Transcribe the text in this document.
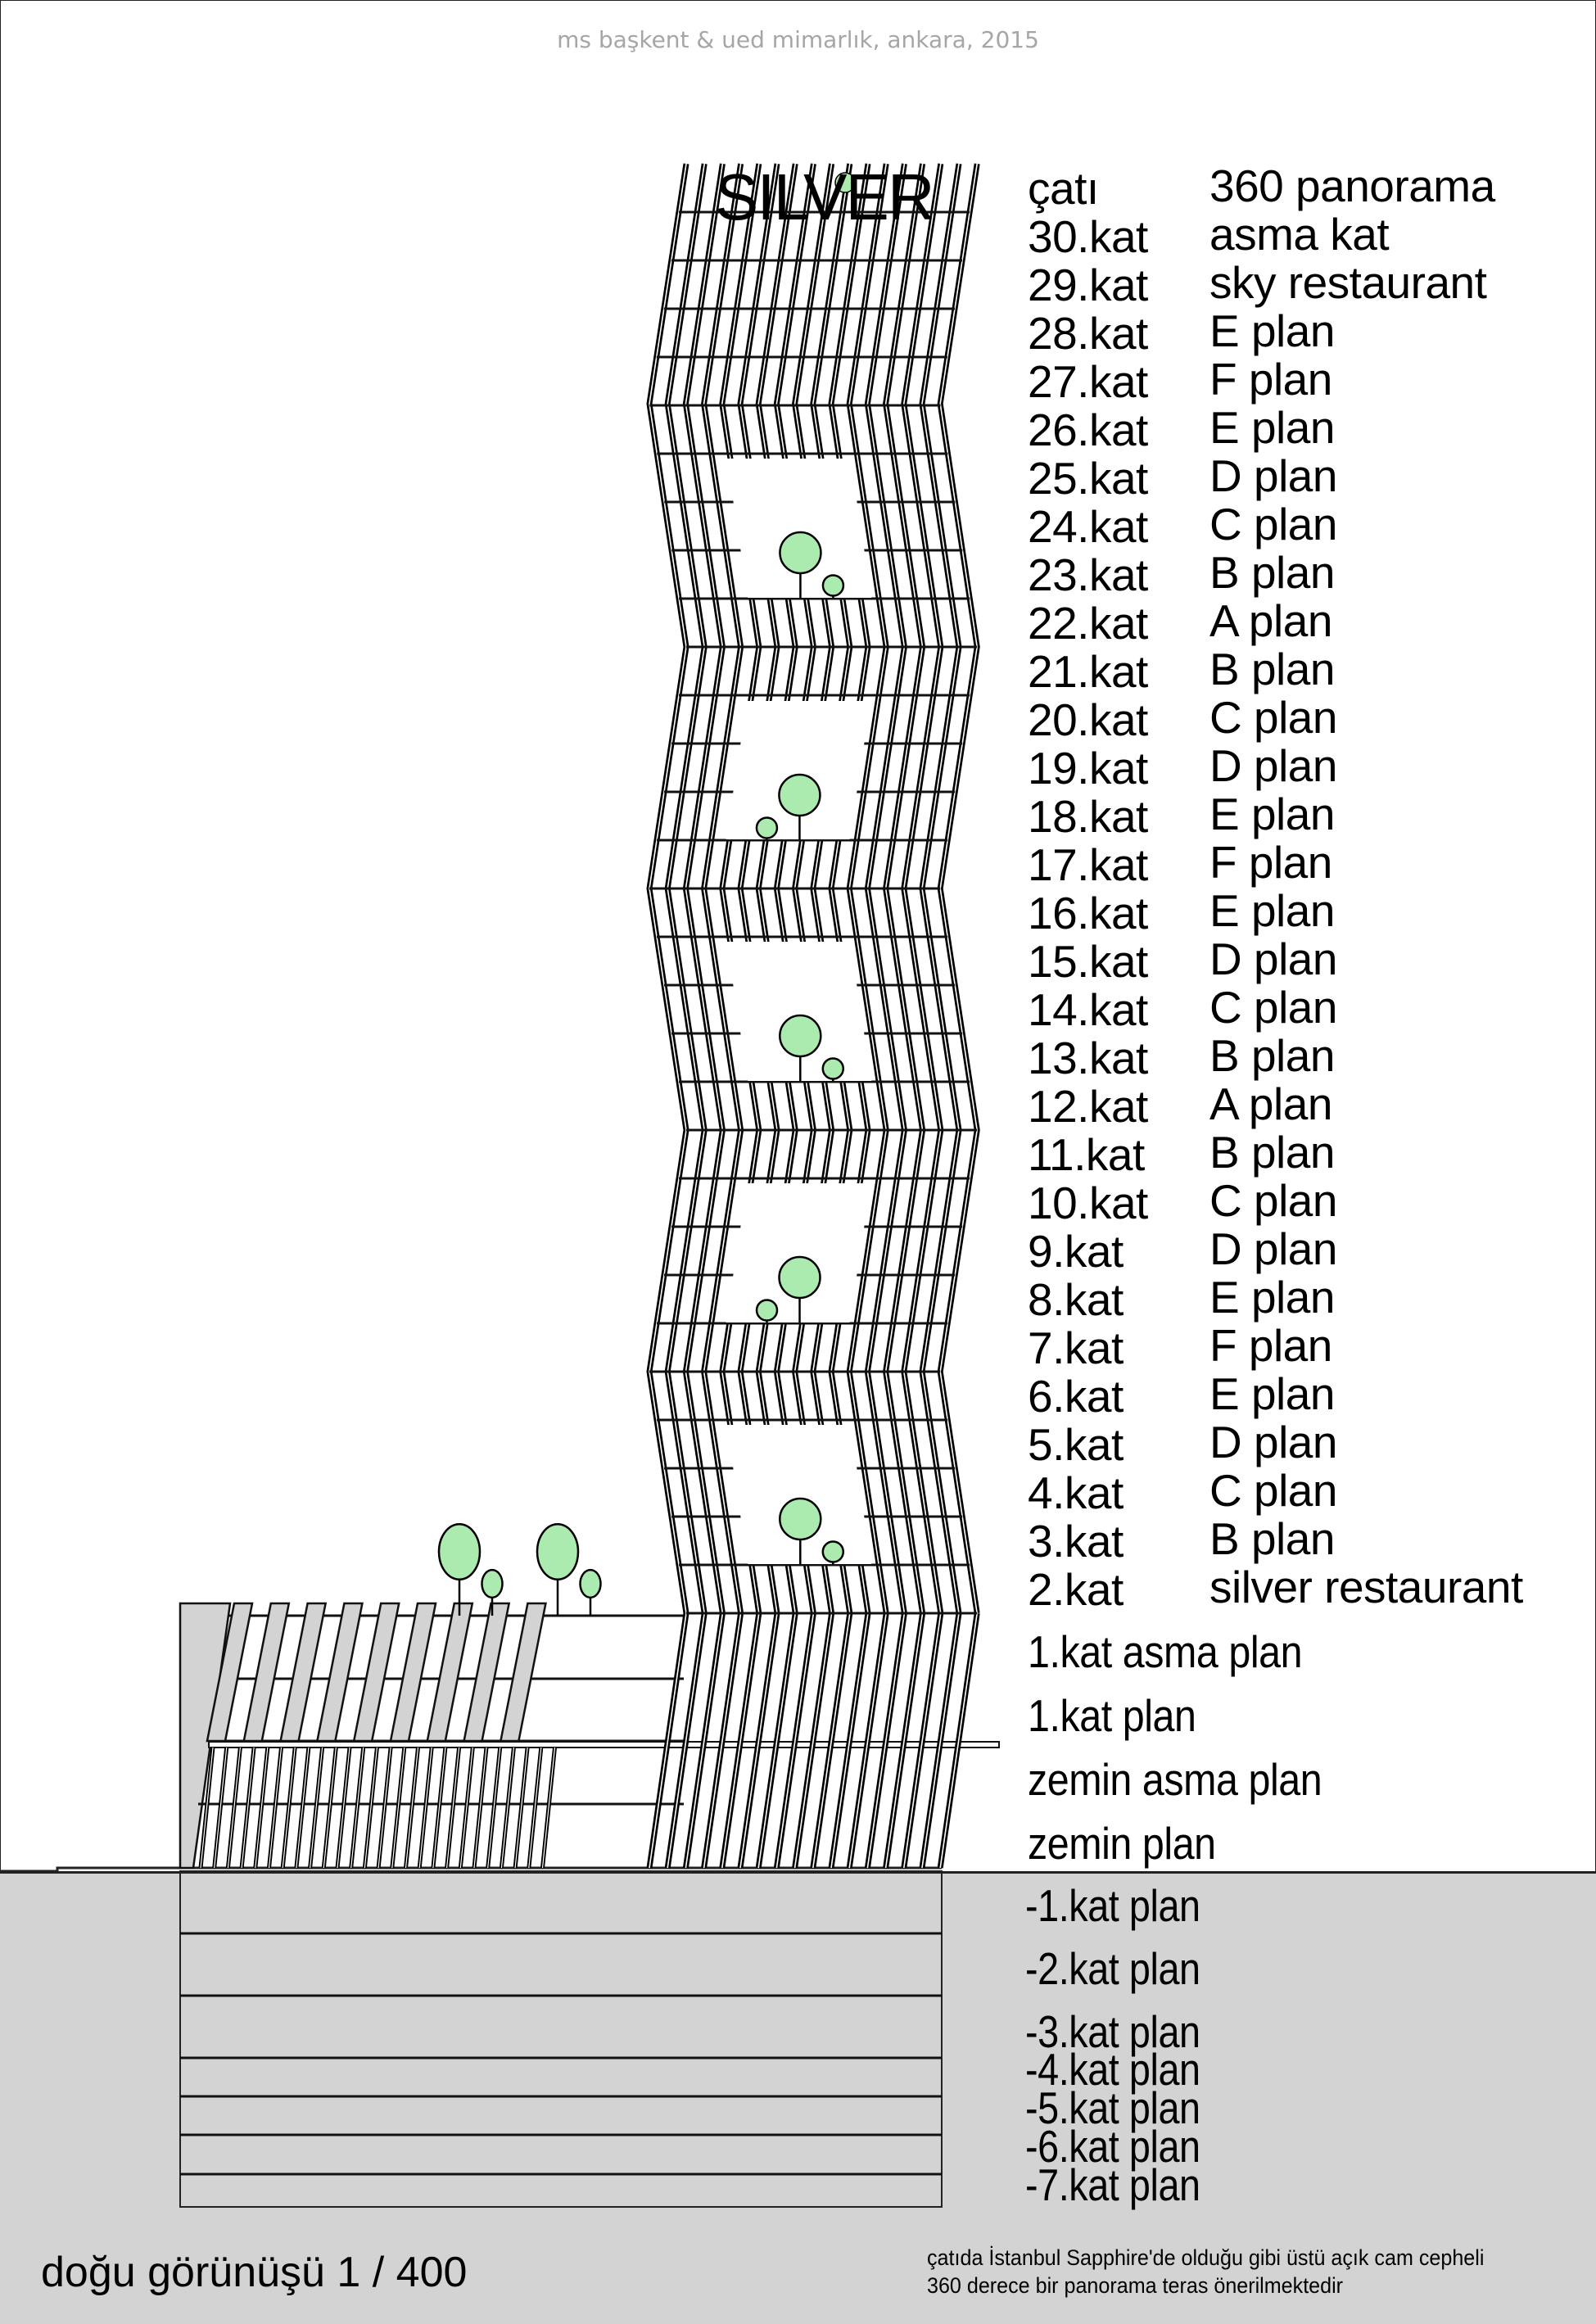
ms başkent & ued mimarlık, ankara, 2015
SILVER çatı 360 panorama
30.kat asma kat
29.kat sky restaurant
28.kat E plan
27.kat F plan
26.kat E plan
25.kat D plan
24.kat C plan
23.kat B plan
22.kat A plan
21.kat B plan
20.kat C plan
19.kat D plan
18.kat E plan
17.kat F plan
16.kat E plan
15.kat D plan
14.kat C plan
13.kat B plan
12.kat A plan
11.kat B plan
10.kat C plan
9.kat D plan
8.kat E plan
7.kat F plan
6.kat E plan
5.kat D plan
4.kat C plan
3.kat B plan
2.kat silver restaurant
1.kat asma plan
1.kat plan
zemin asma plan
zemin plan
-1.kat plan
-2.kat plan
-3.kat plan
-4.kat plan
-5.kat plan
-6.kat plan
-7.kat plan
doğu görünüşü 1 / 400	çatıda İstanbul Sapphire'de olduğu gibi üstü açık cam cepheli
360 derece bir panorama teras önerilmektedir
